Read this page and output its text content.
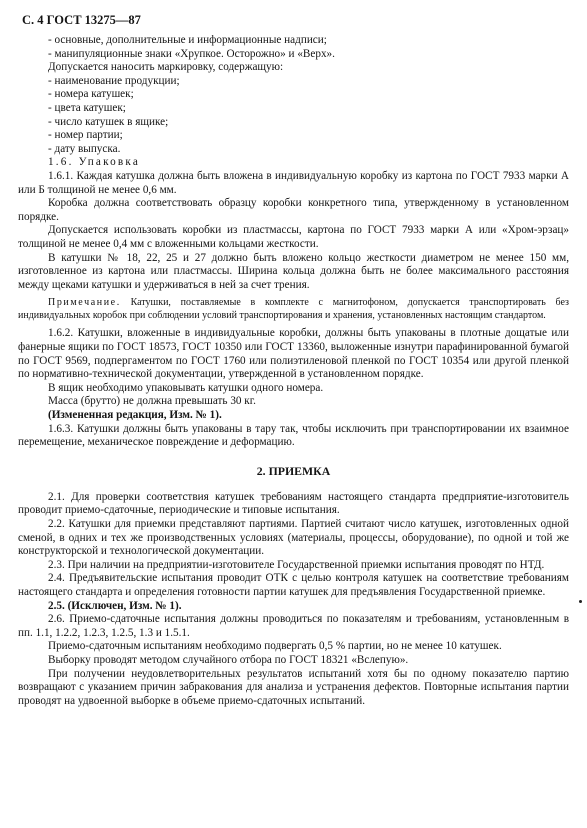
С. 4 ГОСТ 13275—87
- основные, дополнительные и информационные надписи;
- манипуляционные знаки «Хрупкое. Осторожно» и «Верх».
Допускается наносить маркировку, содержащую:
- наименование продукции;
- номера катушек;
- цвета катушек;
- число катушек в ящике;
- номер партии;
- дату выпуска.
1.6. Упаковка
1.6.1. Каждая катушка должна быть вложена в индивидуальную коробку из картона по ГОСТ 7933 марки А или Б толщиной не менее 0,6 мм.
Коробка должна соответствовать образцу коробки конкретного типа, утвержденному в установленном порядке.
Допускается использовать коробки из пластмассы, картона по ГОСТ 7933 марки А или «Хром-эрзац» толщиной не менее 0,4 мм с вложенными кольцами жесткости.
В катушки № 18, 22, 25 и 27 должно быть вложено кольцо жесткости диаметром не менее 150 мм, изготовленное из картона или пластмассы. Ширина кольца должна быть не более максимального расстояния между щеками катушки и удерживаться в ней за счет трения.
Примечание. Катушки, поставляемые в комплекте с магнитофоном, допускается транспортировать без индивидуальных коробок при соблюдении условий транспортирования и хранения, установленных настоящим стандартом.
1.6.2. Катушки, вложенные в индивидуальные коробки, должны быть упакованы в плотные дощатые или фанерные ящики по ГОСТ 18573, ГОСТ 10350 или ГОСТ 13360, выложенные изнутри парафинированной бумагой по ГОСТ 9569, подпергаментом по ГОСТ 1760 или полиэтиленовой пленкой по ГОСТ 10354 или другой пленкой по нормативно-технической документации, утвержденной в установленном порядке.
В ящик необходимо упаковывать катушки одного номера.
Масса (брутто) не должна превышать 30 кг.
(Измененная редакция, Изм. № 1).
1.6.3. Катушки должны быть упакованы в тару так, чтобы исключить при транспортировании их взаимное перемещение, механическое повреждение и деформацию.
2. ПРИЕМКА
2.1. Для проверки соответствия катушек требованиям настоящего стандарта предприятие-изготовитель проводит приемо-сдаточные, периодические и типовые испытания.
2.2. Катушки для приемки представляют партиями. Партией считают число катушек, изготовленных одной сменой, в одних и тех же производственных условиях (материалы, процессы, оборудование), по одной и той же конструкторской и технологической документации.
2.3. При наличии на предприятии-изготовителе Государственной приемки испытания проводят по НТД.
2.4. Предъявительские испытания проводит ОТК с целью контроля катушек на соответствие требованиям настоящего стандарта и определения готовности партии катушек для предъявления Государственной приемке.
2.5. (Исключен, Изм. № 1).
2.6. Приемо-сдаточные испытания должны проводиться по показателям и требованиям, установленным в пп. 1.1, 1.2.2, 1.2.3, 1.2.5, 1.3 и 1.5.1.
Приемо-сдаточным испытаниям необходимо подвергать 0,5 % партии, но не менее 10 катушек.
Выборку проводят методом случайного отбора по ГОСТ 18321 «Вслепую».
При получении неудовлетворительных результатов испытаний хотя бы по одному показателю партию возвращают с указанием причин забракования для анализа и устранения дефектов. Повторные испытания партии проводят на удвоенной выборке в объеме приемо-сдаточных испытаний.
